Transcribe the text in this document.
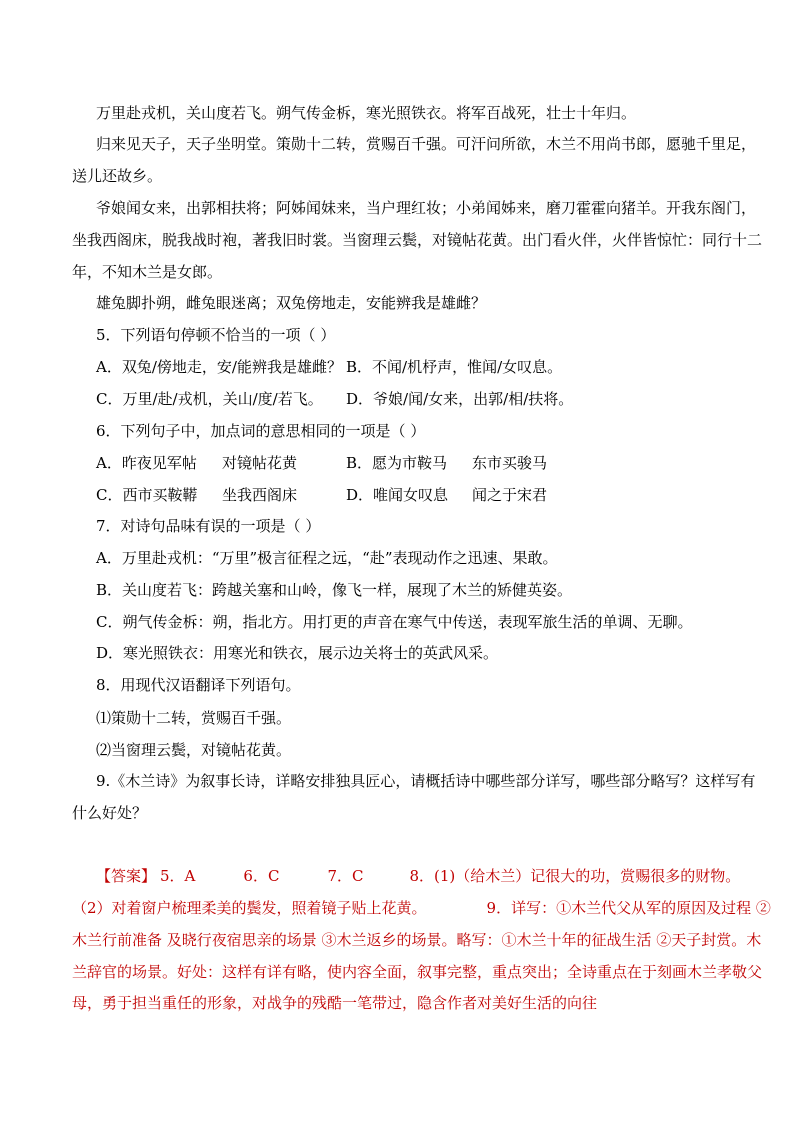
万里赴戎机，关山度若飞。朔气传金柝，寒光照铁衣。将军百战死，壮士十年归。
归来见天子，天子坐明堂。策勋十二转，赏赐百千强。可汗问所欲，木兰不用尚书郎，愿驰千里足，
送儿还故乡。
爷娘闻女来，出郭相扶将；阿姊闻妹来，当户理红妆；小弟闻姊来，磨刀霍霍向猪羊。开我东阁门，
坐我西阁床，脱我战时袍，著我旧时裳。当窗理云鬓，对镜帖花黄。出门看火伴，火伴皆惊忙：同行十二
年，不知木兰是女郎。
雄兔脚扑朔，雌兔眼迷离；双兔傍地走，安能辨我是雄雌？
5．下列语句停顿不恰当的一项（ ）
A．双兔/傍地走，安/能辨我是雄雌？ B．不闻/机杼声，惟闻/女叹息。
C．万里/赴/戎机，关山/度/若飞。 D．爷娘/闻/女来，出郭/相/扶将。
6．下列句子中，加点词的意思相同的一项是（ ）
A．昨夜见军帖 对镜帖花黄	B．愿为市鞍马 东市买骏马
C．西市买鞍鞯 坐我西阁床	D．唯闻女叹息 闻之于宋君
7．对诗句品味有误的一项是（ ）
A．万里赴戎机：“万里”极言征程之远，“赴”表现动作之迅速、果敢。
B．关山度若飞：跨越关塞和山岭，像飞一样，展现了木兰的矫健英姿。
C．朔气传金柝：朔，指北方。用打更的声音在寒气中传送，表现军旅生活的单调、无聊。
D．寒光照铁衣：用寒光和铁衣，展示边关将士的英武风采。
8．用现代汉语翻译下列语句。
⑴策勋十二转，赏赐百千强。
⑵当窗理云鬓，对镜帖花黄。
9.《木兰诗》为叙事长诗，详略安排独具匠心，请概括诗中哪些部分详写，哪些部分略写？这样写有
什么好处？
【答案】 5．A	6．C	7．C	8．(1)（给木兰）记很大的功，赏赐很多的财物。
（2）对着窗户梳理柔美的鬓发，照着镜子贴上花黄。	9．详写：①木兰代父从军的原因及过程 ②
木兰行前准备 及晓行夜宿思亲的场景 ③木兰返乡的场景。略写：①木兰十年的征战生活 ②天子封赏。木
兰辞官的场景。好处：这样有详有略，使内容全面，叙事完整，重点突出；全诗重点在于刻画木兰孝敬父
母，勇于担当重任的形象，对战争的残酷一笔带过，隐含作者对美好生活的向往
